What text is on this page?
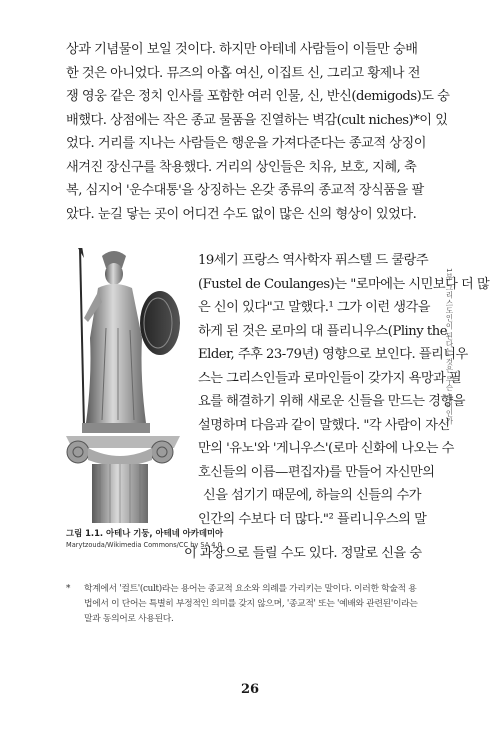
상과 기념물이 보일 것이다. 하지만 아테네 사람들이 이들만 숭배
한 것은 아니었다. 뮤즈의 아홉 여신, 이집트 신, 그리고 황제나 전
쟁 영웅 같은 정치 인사를 포함한 여러 인물, 신, 반신(demigods)도 숭
배했다. 상점에는 작은 종교 물품을 진열하는 벽감(cult niches)*이 있
었다. 거리를 지나는 사람들은 행운을 가져다준다는 종교적 상징이
새겨진 장신구를 착용했다. 거리의 상인들은 치유, 보호, 지혜, 축
복, 심지어 '운수대통'을 상징하는 온갖 종류의 종교적 장식품을 팔
았다. 눈길 닿는 곳이 어디건 수도 없이 많은 신의 형상이 있었다.
19세기 프랑스 역사학자 퓌스텔 드 쿨랑주
(Fustel de Coulanges)는 "로마에는 시민보다 더 많
은 신이 있다"고 말했다.¹ 그가 이런 생각을
하게 된 것은 로마의 대 플리니우스(Pliny the
Elder, 주후 23-79년) 영향으로 보인다. 플리니우
스는 그리스인들과 로마인들이 갖가지 욕망과 필
요를 해결하기 위해 새로운 신들을 만드는 경향을
설명하며 다음과 같이 말했다. "각 사람이 자신
만의 '유노'와 '게니우스'(로마 신화에 나오는 수
호신들의 이름—편집자)를 만들어 자신만의
신을 섬기기 때문에, 하늘의 신들의 수가
인간의 수보다 더 많다."² 플리니우스의 말
이 과장으로 들릴 수도 있다. 정말로 신을 숭
그림 1.1. 아테나 기둥, 아테네 아카데미아
Marytzouda/Wikimedia Commons/CC by SA 4.0
* 학계에서 '컬트'(cult)라는 용어는 종교적 요소와 의례를 가리키는 말이다. 이러한 학술적 용법에서 이 단어는 특별히 부정적인 의미를 갖지 않으며, '종교적' 또는 '예배와 관련된'이라는 말과 동의어로 사용된다.
26
1부 그리스도인이 된다는 것은 무슨 의미인가
